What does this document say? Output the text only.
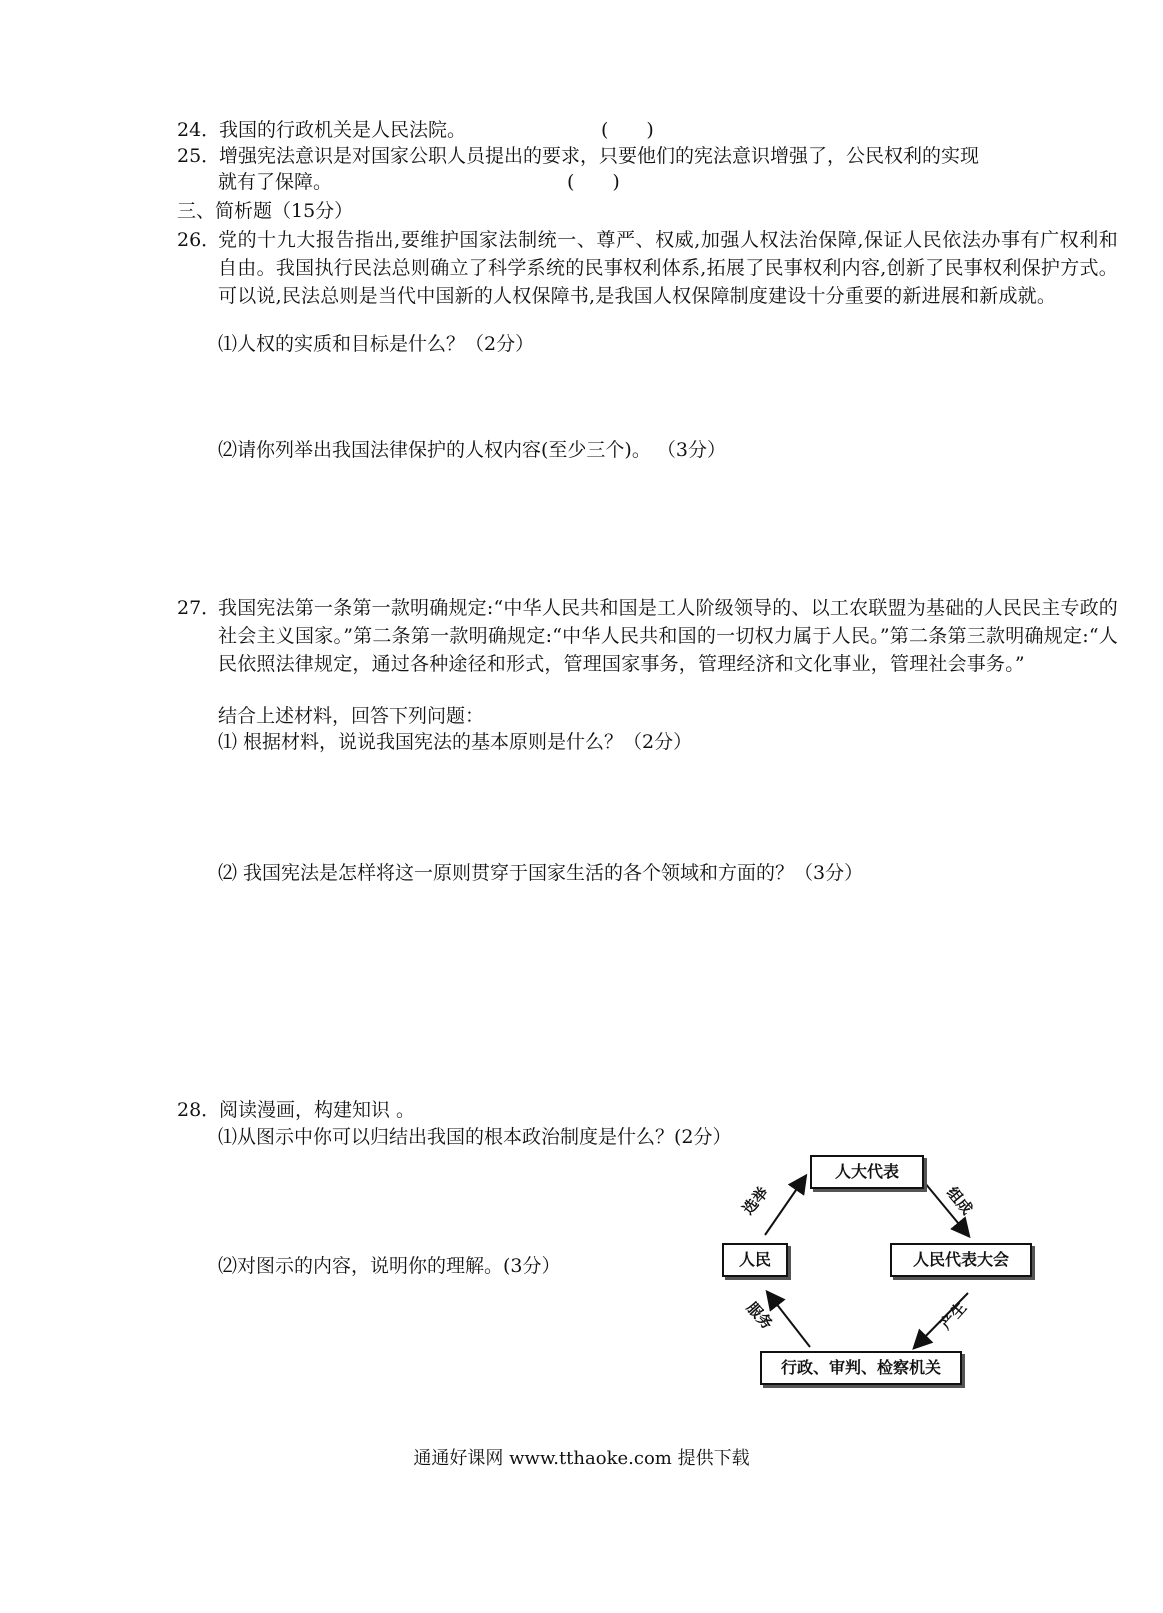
24．我国的行政机关是人民法院。	(　　)
25．增强宪法意识是对国家公职人员提出的要求，只要他们的宪法意识增强了，公民权利的实现
就有了保障。	(　　)
三、简析题（15分）
26．
党的十九大报告指出,要维护国家法制统一、尊严、权威,加强人权法治保障,保证人民依法办事有广权利和自由。我国执行民法总则确立了科学系统的民事权利体系,拓展了民事权利内容,创新了民事权利保护方式。可以说,民法总则是当代中国新的人权保障书,是我国人权保障制度建设十分重要的新进展和新成就。
⑴人权的实质和目标是什么？（2分）
⑵请你列举出我国法律保护的人权内容(至少三个)。 （3分）
27．
我国宪法第一条第一款明确规定:“中华人民共和国是工人阶级领导的、以工农联盟为基础的人民民主专政的社会主义国家。”第二条第一款明确规定:“中华人民共和国的一切权力属于人民。”第二条第三款明确规定:“人民依照法律规定，通过各种途径和形式，管理国家事务，管理经济和文化事业，管理社会事务。”
结合上述材料，回答下列问题：
⑴ 根据材料，说说我国宪法的基本原则是什么？（2分）
⑵ 我国宪法是怎样将这一原则贯穿于国家生活的各个领域和方面的？（3分）
28．阅读漫画，构建知识 。
⑴从图示中你可以归结出我国的根本政治制度是什么？(2分）
⑵对图示的内容，说明你的理解。(3分）
人大代表
人民	人民代表大会
行政、审判、检察机关
选举	组成
产生
服务
通通好课网 www.tthaoke.com 提供下载
